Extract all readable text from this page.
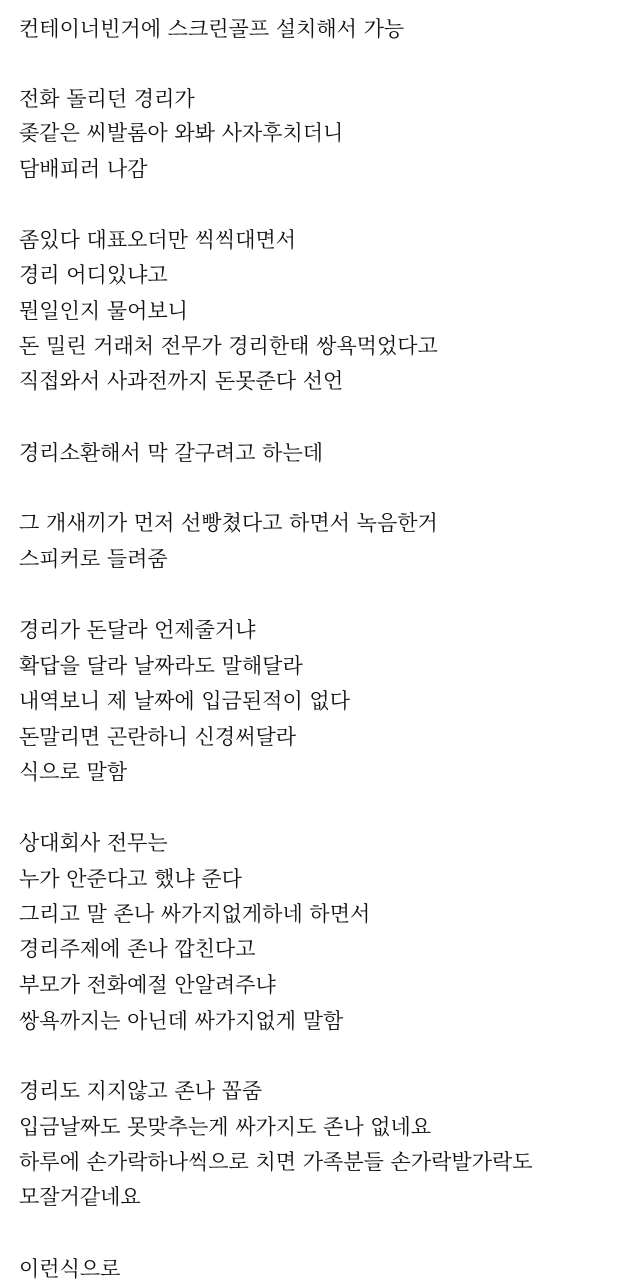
컨테이너빈거에 스크린골프 설치해서 가능
전화 돌리던 경리가
좆같은 씨발롬아 와봐 사자후치더니
담배피러 나감
좀있다 대표오더만 씩씩대면서
경리 어디있냐고
뭔일인지 물어보니
돈 밀린 거래처 전무가 경리한태 쌍욕먹었다고
직접와서 사과전까지 돈못준다 선언
경리소환해서 막 갈구려고 하는데
그 개새끼가 먼저 선빵쳤다고 하면서 녹음한거
스피커로 들려줌
경리가 돈달라 언제줄거냐
확답을 달라 날짜라도 말해달라
내역보니 제 날짜에 입금된적이 없다
돈말리면 곤란하니 신경써달라
식으로 말함
상대회사 전무는
누가 안준다고 했냐 준다
그리고 말 존나 싸가지없게하네 하면서
경리주제에 존나 깝친다고
부모가 전화예절 안알려주냐
쌍욕까지는 아닌데 싸가지없게 말함
경리도 지지않고 존나 꼽줌
입금날짜도 못맞추는게 싸가지도 존나 없네요
하루에 손가락하나씩으로 치면 가족분들 손가락발가락도
모잘거같네요
이런식으로
